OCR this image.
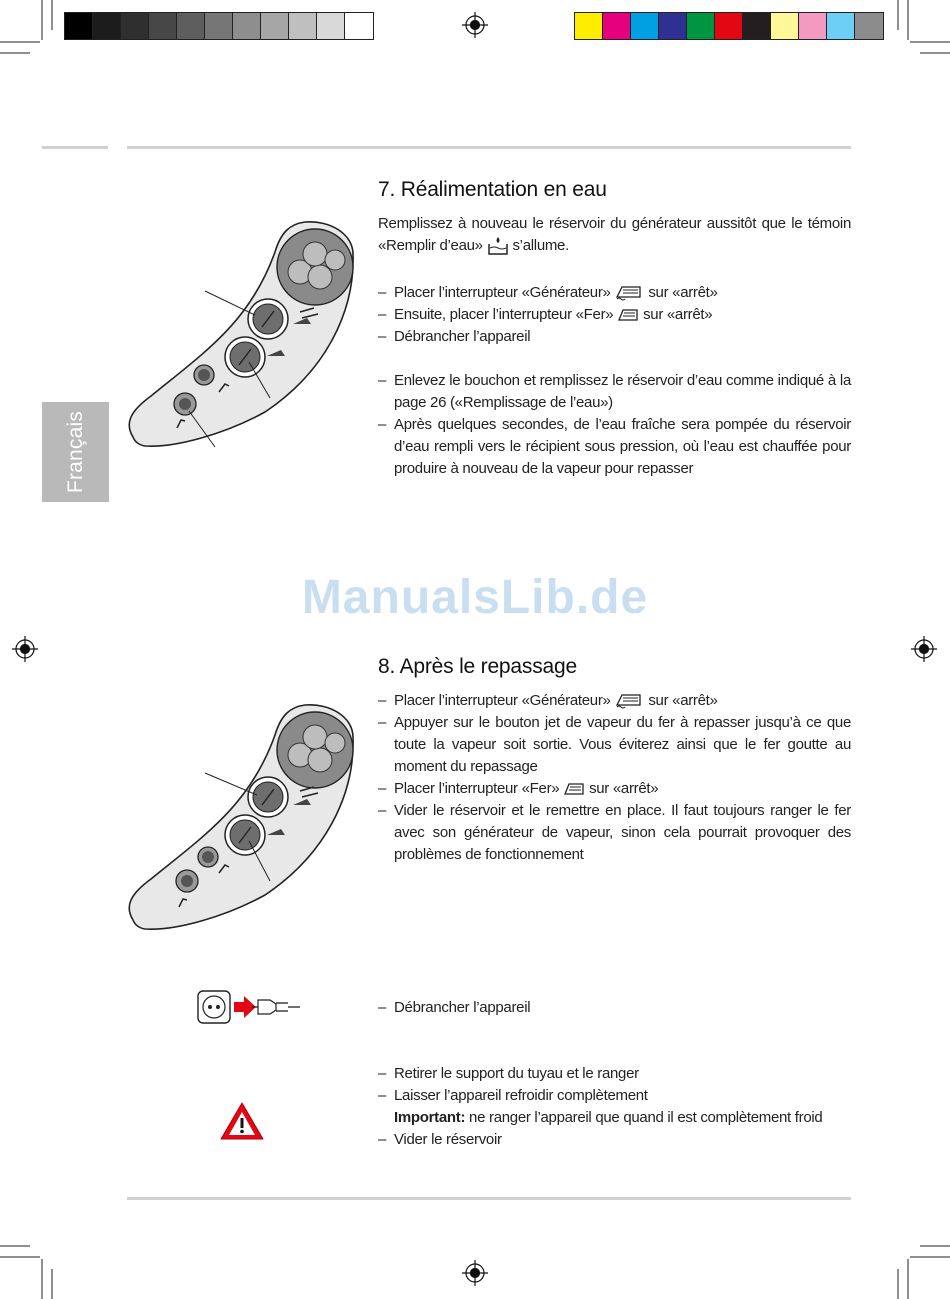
Français
ManualsLib.de
7. Réalimentation en eau
Remplissez à nouveau le réservoir du générateur aussitôt que le témoin «Remplir d’eau» s’allume.
– Placer l’interrupteur «Générateur»	sur «arrêt»
– Ensuite, placer l’interrupteur «Fer» sur «arrêt»
– Débrancher l’appareil
– Enlevez le bouchon et remplissez le réservoir d’eau comme indiqué à la page 26 («Remplissage de l’eau»)
– Après quelques secondes, de l’eau fraîche sera pompée du réservoir d’eau rempli vers le récipient sous pression, où l’eau est chauffée pour produire à nouveau de la vapeur pour repasser
8. Après le repassage
– Placer l’interrupteur «Générateur»	sur «arrêt»
– Appuyer sur le bouton jet de vapeur du fer à repasser jusqu’à ce que toute la vapeur soit sortie. Vous éviterez ainsi que le fer goutte au moment du repassage
– Placer l’interrupteur «Fer» sur «arrêt»
– Vider le réservoir et le remettre en place. Il faut toujours ranger le fer avec son générateur de vapeur, sinon cela pourrait provoquer des problèmes de fonctionnement
– Débrancher l’appareil
– Retirer le support du tuyau et le ranger
– Laisser l’appareil refroidir complètement
Important: ne ranger l’appareil que quand il est complètement froid
– Vider le réservoir
